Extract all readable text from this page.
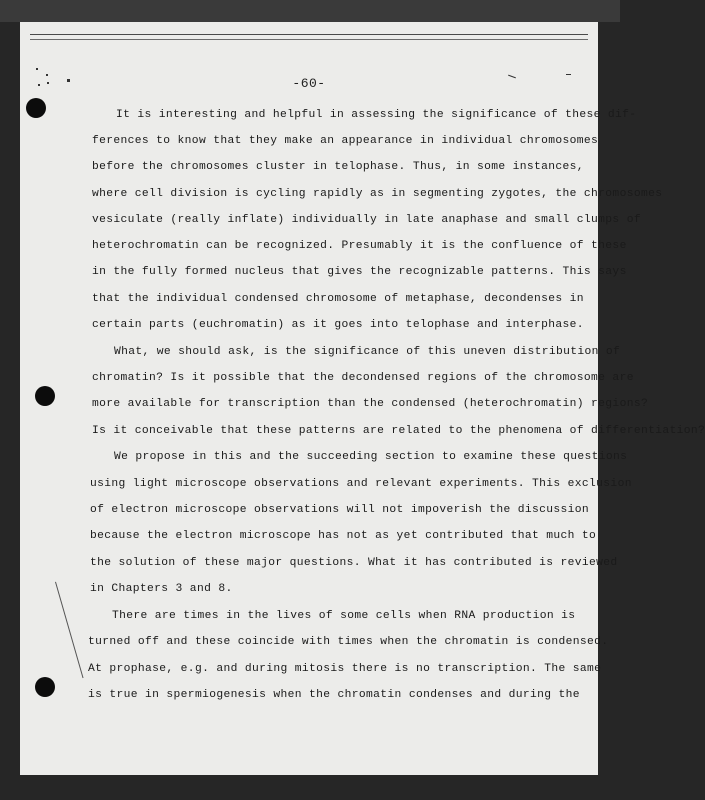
-60-
It is interesting and helpful in assessing the significance of these dif-
ferences to know that they make an appearance in individual chromosomes
before the chromosomes cluster in telophase. Thus, in some instances,
where cell division is cycling rapidly as in segmenting zygotes, the chromosomes
vesiculate (really inflate) individually in late anaphase and small clumps of
heterochromatin can be recognized. Presumably it is the confluence of these
in the fully formed nucleus that gives the recognizable patterns. This says
that the individual condensed chromosome of metaphase, decondenses in
certain parts (euchromatin) as it goes into telophase and interphase.
What, we should ask, is the significance of this uneven distribution of
chromatin? Is it possible that the decondensed regions of the chromosome are
more available for transcription than the condensed (heterochromatin) regions?
Is it conceivable that these patterns are related to the phenomena of differentiation?
We propose in this and the succeeding section to examine these questions
using light microscope observations and relevant experiments. This exclusion
of electron microscope observations will not impoverish the discussion
because the electron microscope has not as yet contributed that much to
the solution of these major questions. What it has contributed is reviewed
in Chapters 3 and 8.
There are times in the lives of some cells when RNA production is
turned off and these coincide with times when the chromatin is condensed.
At prophase, e.g. and during mitosis there is no transcription. The same
is true in spermiogenesis when the chromatin condenses and during the
